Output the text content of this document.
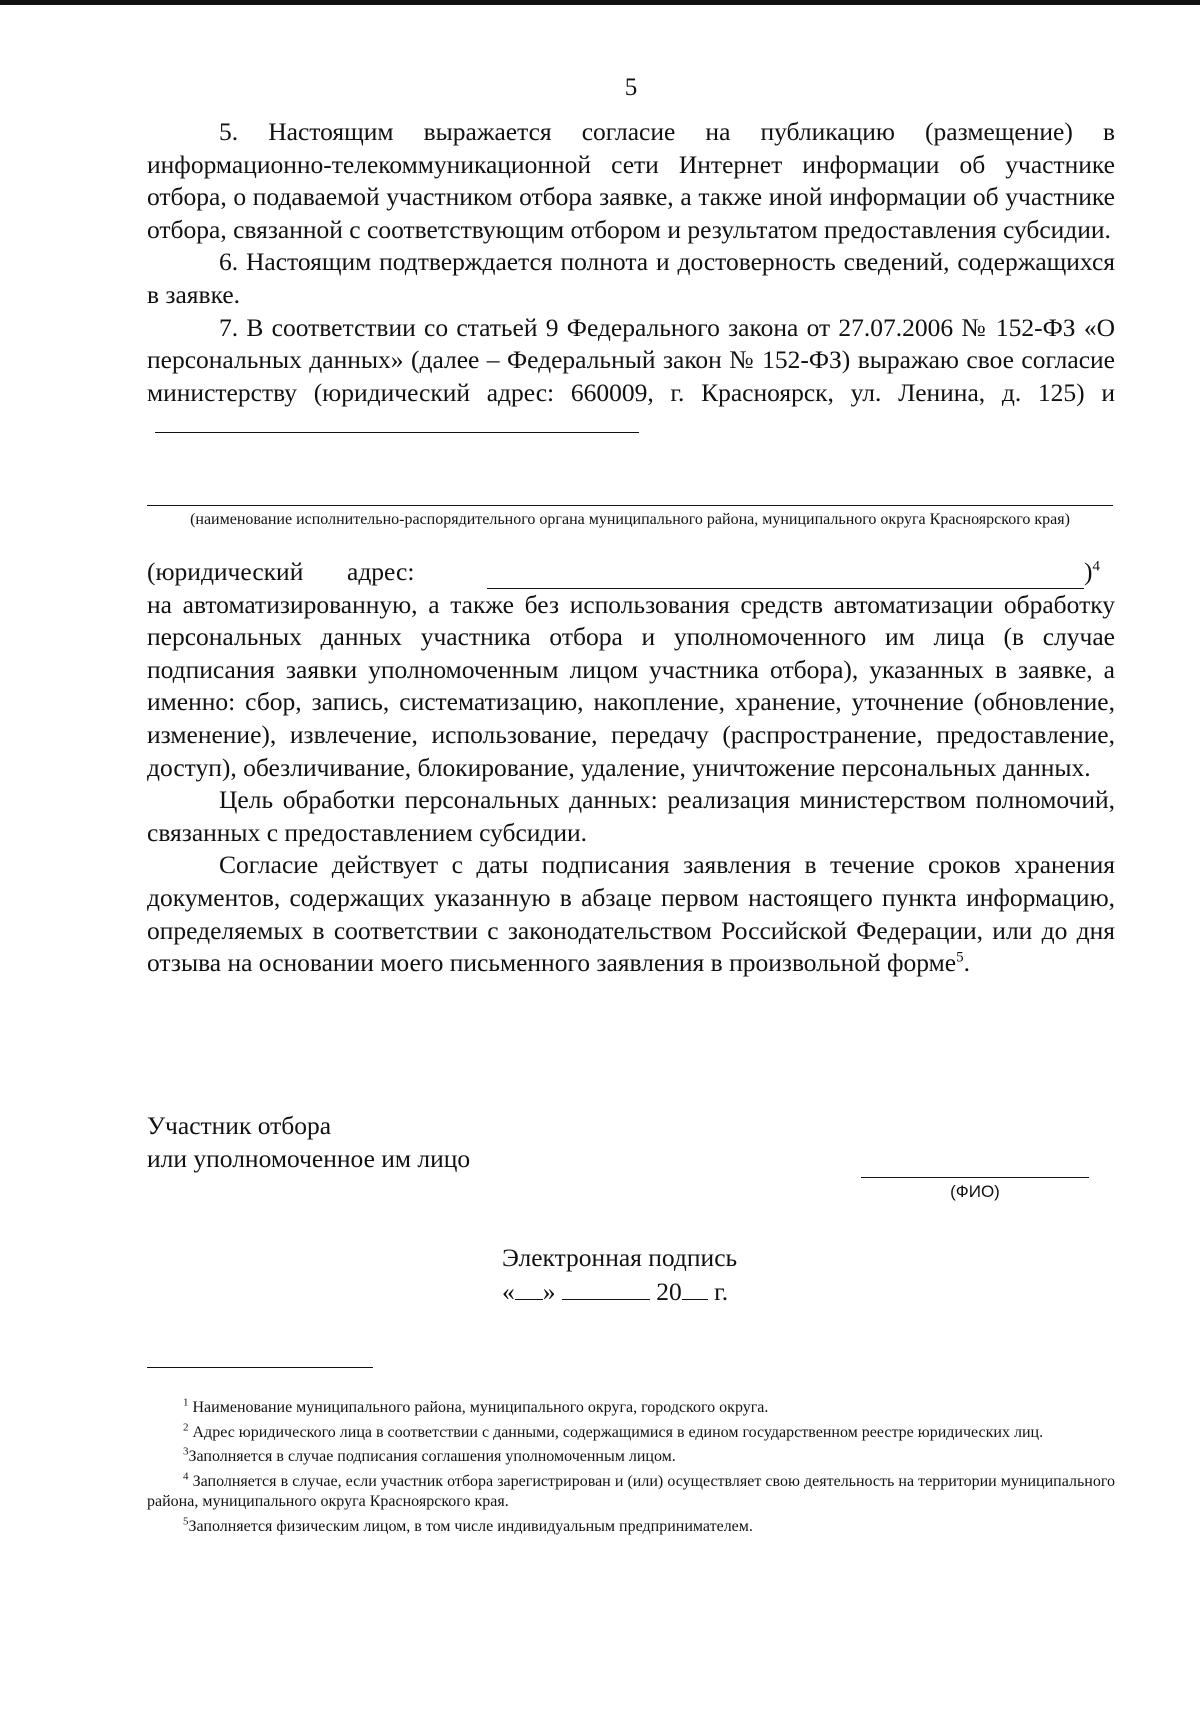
5

5. Настоящим выражается согласие на публикацию (размещение) в информационно-телекоммуникационной сети Интернет информации об участнике отбора, о подаваемой участником отбора заявке, а также иной информации об участнике отбора, связанной с соответствующим отбором и результатом предоставления субсидии.

6. Настоящим подтверждается полнота и достоверность сведений, содержащихся в заявке.

7. В соответствии со статьей 9 Федерального закона от 27.07.2006 № 152-ФЗ «О персональных данных» (далее – Федеральный закон № 152-ФЗ) выражаю свое согласие министерству (юридический адрес: 660009, г. Красноярск, ул. Ленина, д. 125) и

(наименование исполнительно-распорядительного органа муниципального района, муниципального округа Красноярского края)
(юридический	адрес:	)$^4$

на автоматизированную, а также без использования средств автоматизации обработку персональных данных участника отбора и уполномоченного им лица (в случае подписания заявки уполномоченным лицом участника отбора), указанных в заявке, а именно: сбор, запись, систематизацию, накопление, хранение, уточнение (обновление, изменение), извлечение, использование, передачу (распространение, предоставление, доступ), обезличивание, блокирование, удаление, уничтожение персональных данных.

Цель обработки персональных данных: реализация министерством полномочий, связанных с предоставлением субсидии.

Согласие действует с даты подписания заявления в течение сроков хранения документов, содержащих указанную в абзаце первом настоящего пункта информацию, определяемых в соответствии с законодательством Российской Федерации, или до дня отзыва на основании моего письменного заявления в произвольной форме$^5$.

Участник отбора
или уполномоченное им лицо
(ФИО)
Электронная подпись
« »	20 г.

$^1$ Наименование муниципального района, муниципального округа, городского округа.

$^2$ Адрес юридического лица в соответствии с данными, содержащимися в едином государственном реестре юридических лиц.

$^3$Заполняется в случае подписания соглашения уполномоченным лицом.

$^4$ Заполняется в случае, если участник отбора зарегистрирован и (или) осуществляет свою деятельность на территории муниципального района, муниципального округа Красноярского края.

$^5$Заполняется физическим лицом, в том числе индивидуальным предпринимателем.
